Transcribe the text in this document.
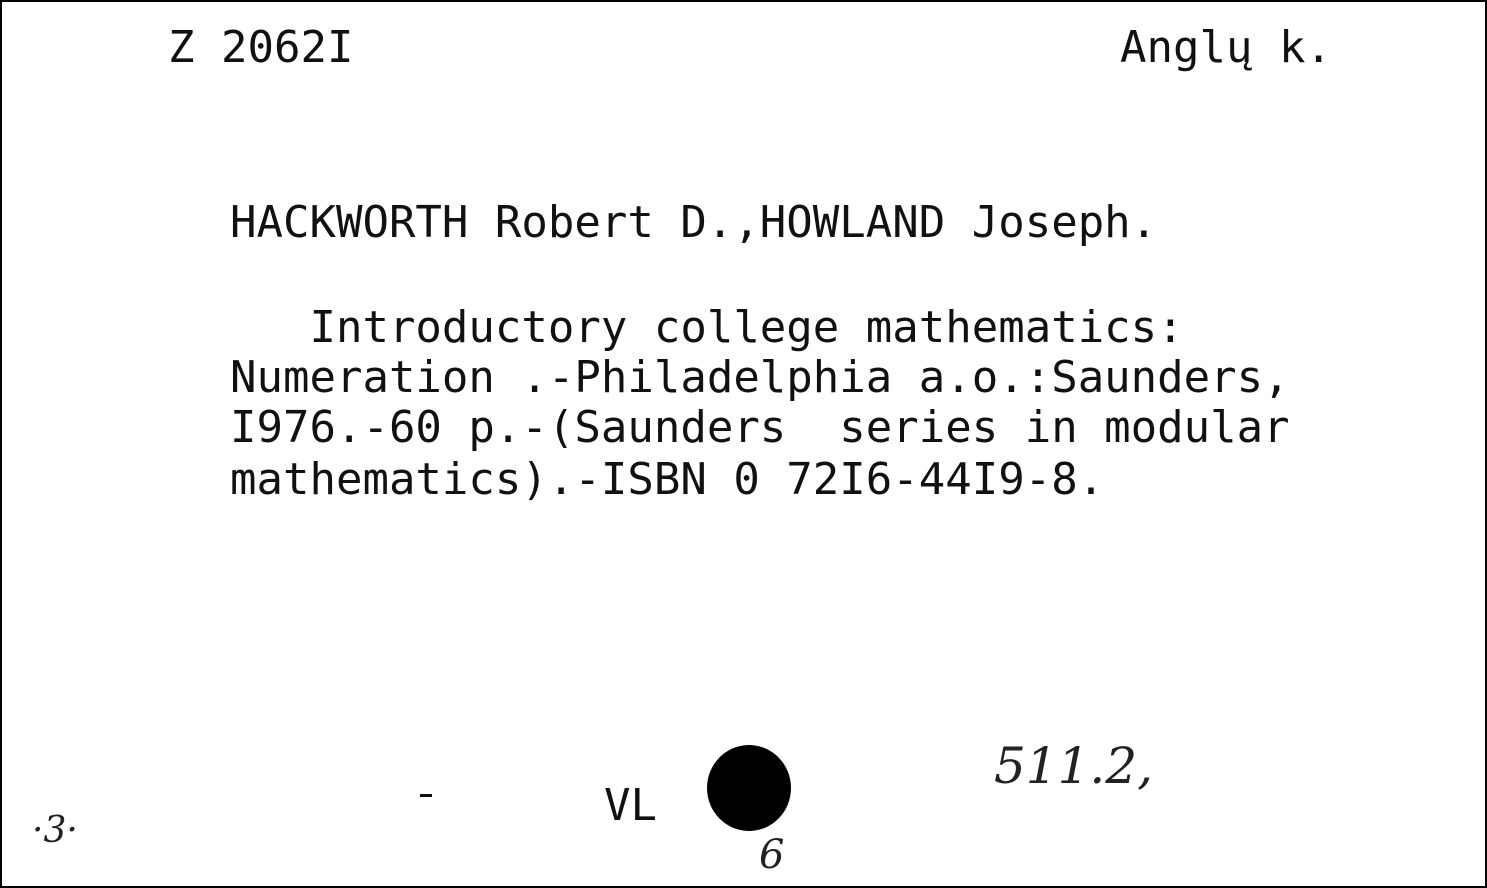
Z 2062I	Anglų k.
HACKWORTH Robert D.,HOWLAND Joseph.
Introductory college mathematics:
Numeration .-Philadelphia a.o.:Saunders,
I976.-60 p.-(Saunders  series in modular
mathematics).-ISBN 0 72I6-44I9-8.
VL
511.2,
6
·3·
